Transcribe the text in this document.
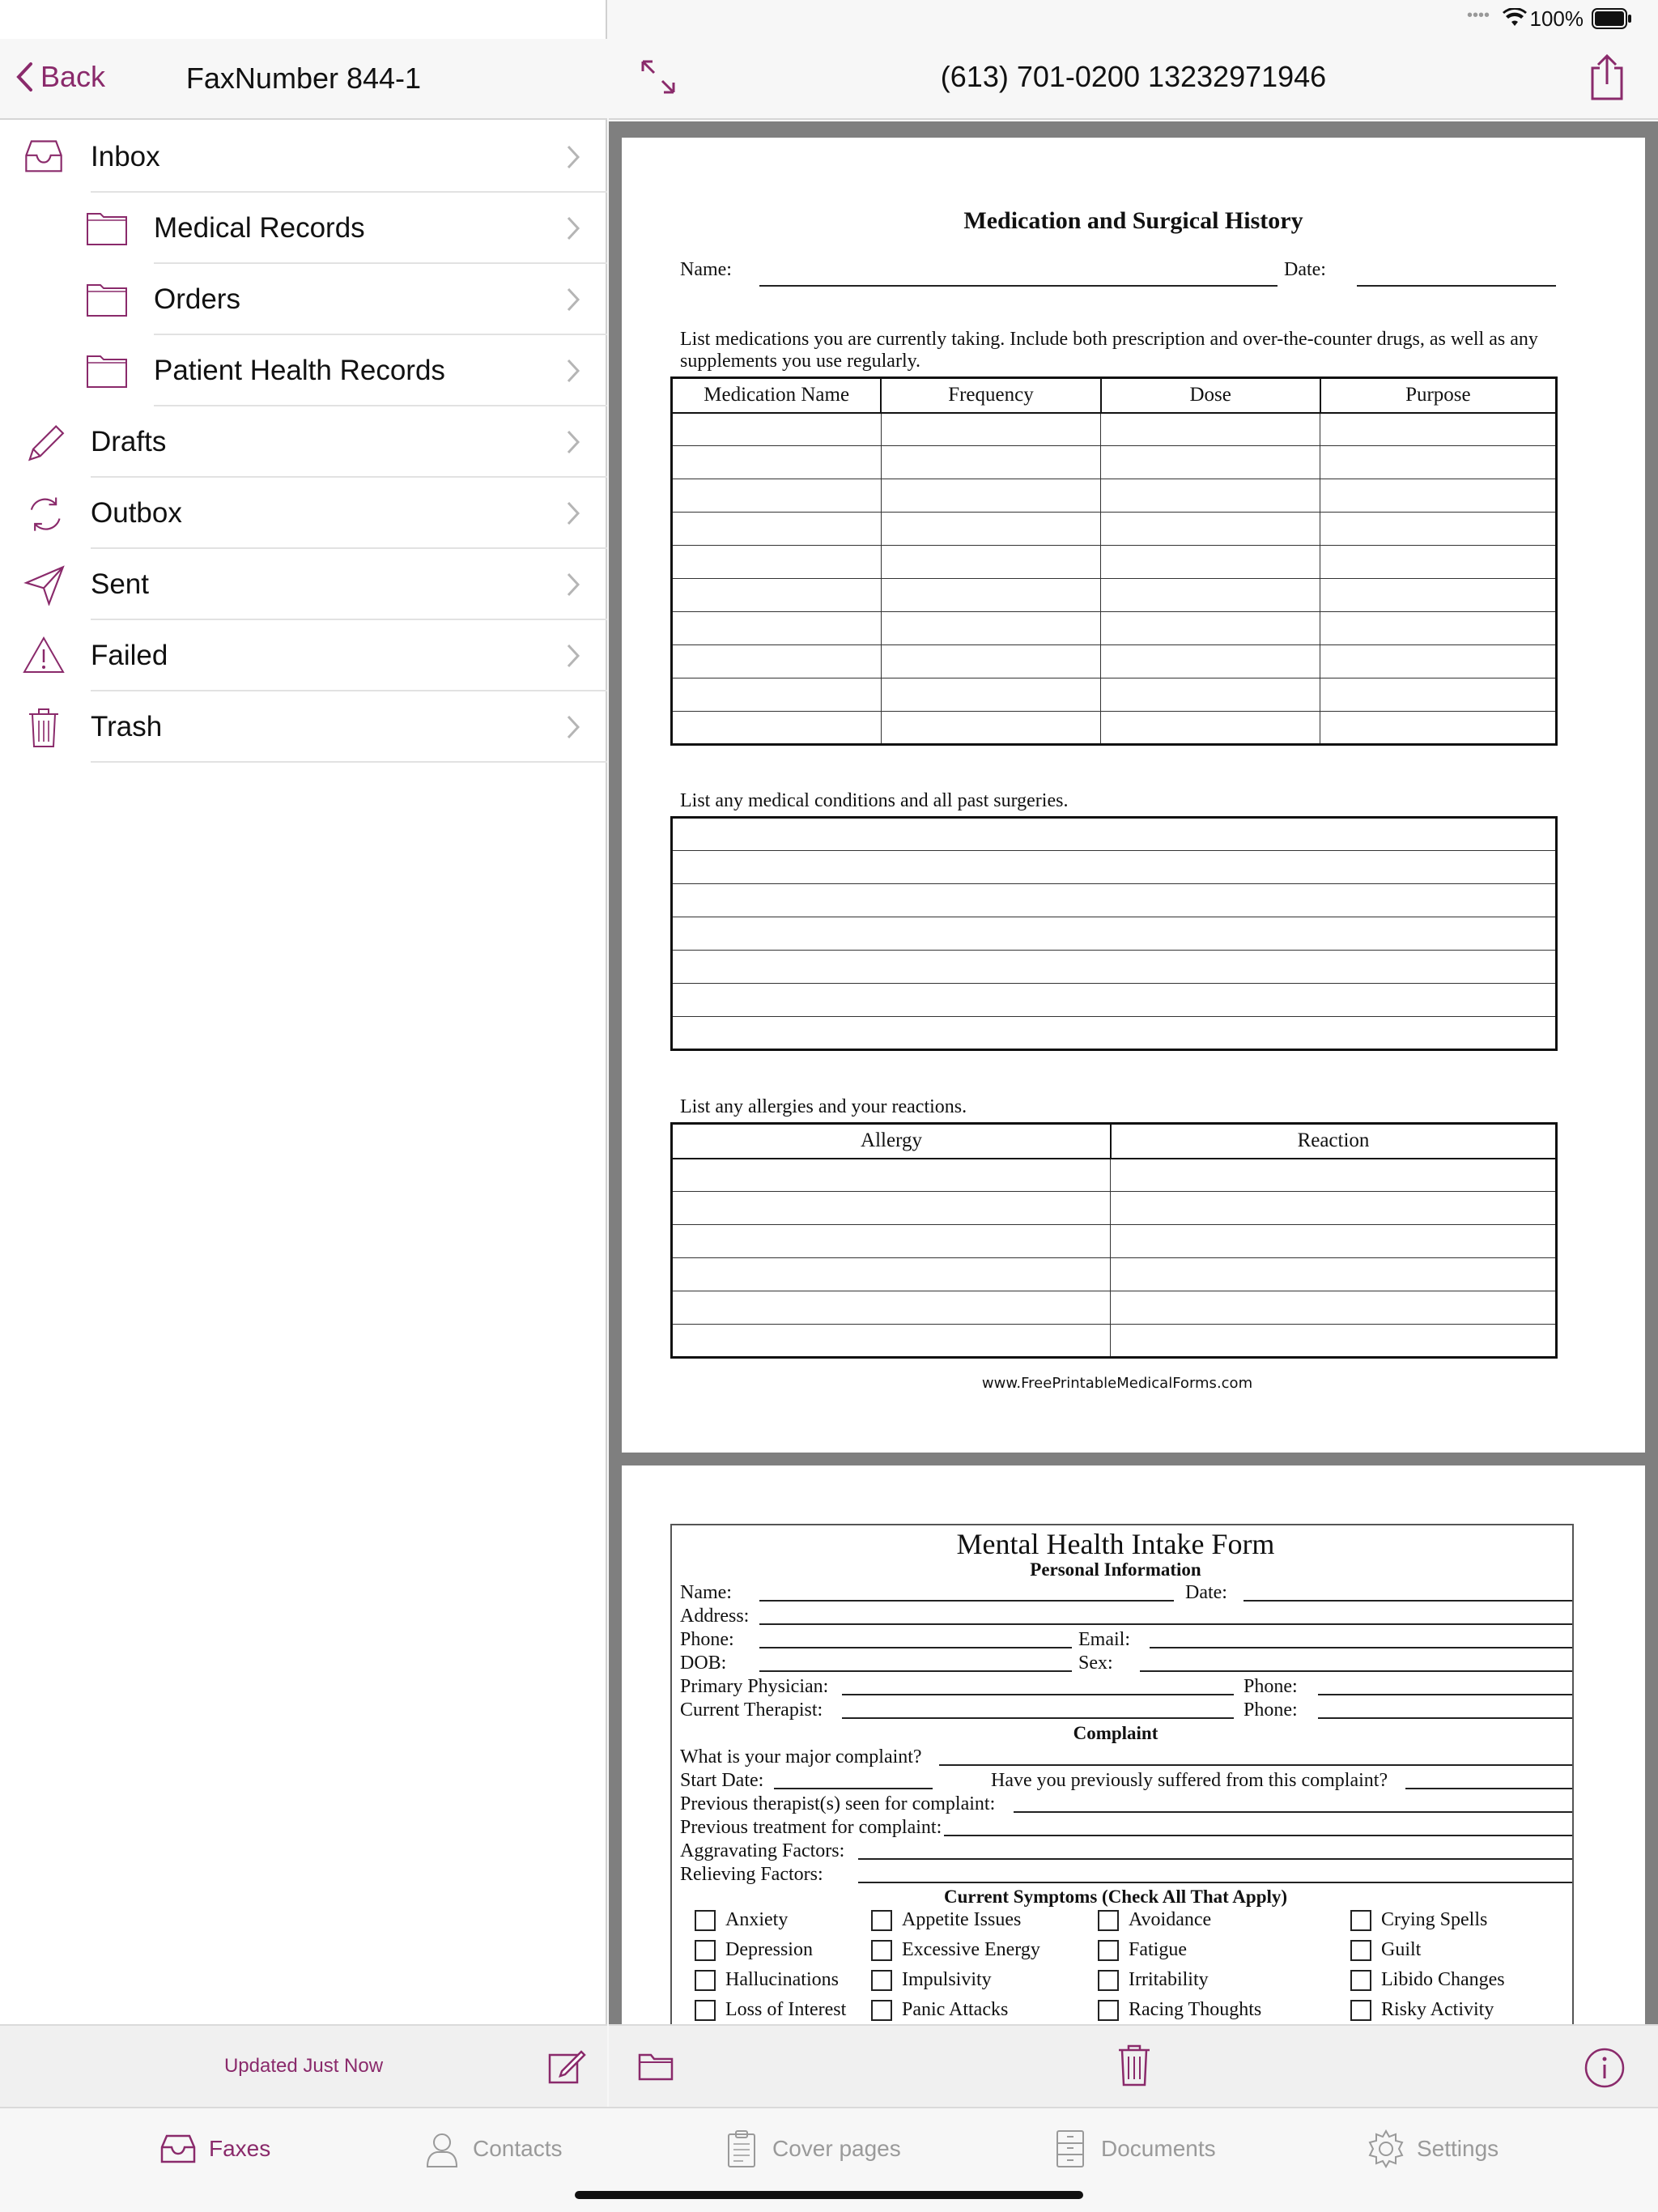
•••• 100%
Back	FaxNumber 844-1
Inbox
Medical Records
Orders
Patient Health Records
Drafts
Outbox
Sent
Failed
Trash
Updated Just Now
(613) 701-0200 13232971946
Medication and Surgical History
Name:	Date:
List medications you are currently taking. Include both prescription and over-the-counter drugs, as well as any supplements you use regularly.
Medication Name	Frequency	Dose	Purpose

List any medical conditions and all past surgeries.

List any allergies and your reactions.
Allergy	Reaction

www.FreePrintableMedicalForms.com
Mental Health Intake Form
Personal Information
Name:	Date:
Address:
Phone:	Email:
DOB:	Sex:
Primary Physician:	Phone:
Current Therapist:	Phone:
Complaint
What is your major complaint?
Start Date:	Have you previously suffered from this complaint?
Previous therapist(s) seen for complaint:
Previous treatment for complaint:
Aggravating Factors:
Relieving Factors:
Current Symptoms (Check All That Apply)
Anxiety	Appetite Issues	Avoidance	Crying Spells
Depression	Excessive Energy	Fatigue	Guilt
Hallucinations	Impulsivity	Irritability	Libido Changes
Loss of Interest	Panic Attacks	Racing Thoughts	Risky Activity
Faxes	Contacts	Cover pages	Documents	Settings
